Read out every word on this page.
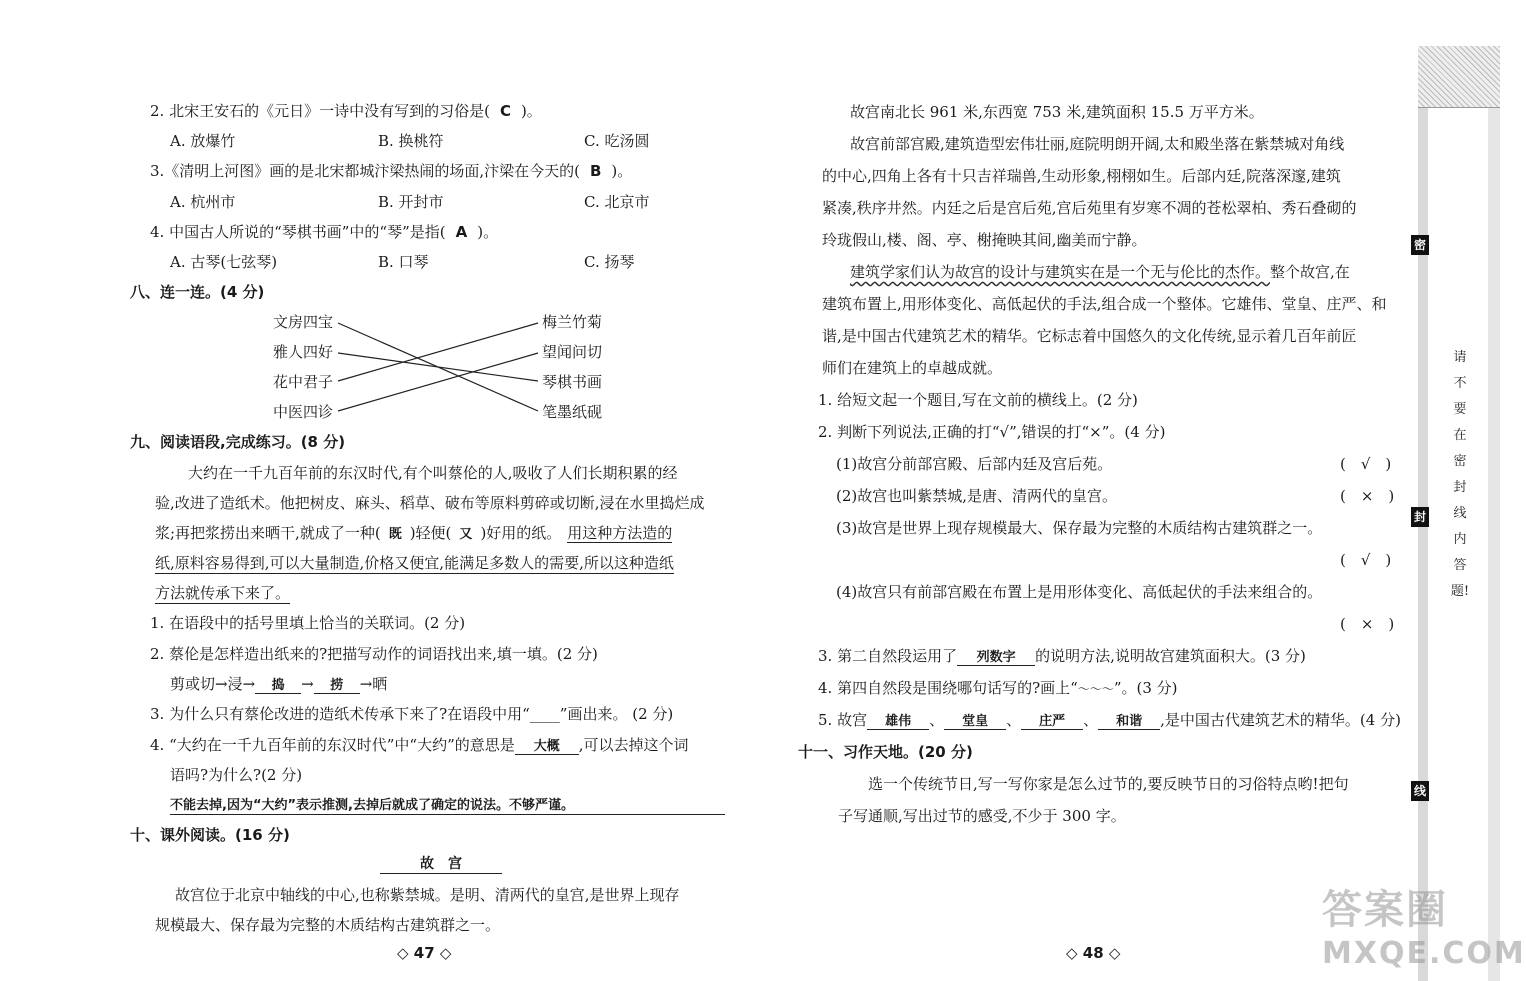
2. 北宋王安石的《元日》一诗中没有写到的习俗是( C )。
A. 放爆竹	B. 换桃符	C. 吃汤圆
3.《清明上河图》画的是北宋都城汴梁热闹的场面,汴梁在今天的( B )。
A. 杭州市	B. 开封市	C. 北京市
4. 中国古人所说的“琴棋书画”中的“琴”是指( A )。
A. 古琴(七弦琴)	B. 口琴	C. 扬琴
八、连一连。(4 分)
文房四宝
雅人四好
花中君子
中医四诊
梅兰竹菊
望闻问切
琴棋书画
笔墨纸砚
九、阅读语段,完成练习。(8 分)
大约在一千九百年前的东汉时代,有个叫蔡伦的人,吸收了人们长期积累的经
验,改进了造纸术。他把树皮、麻头、稻草、破布等原料剪碎或切断,浸在水里捣烂成
浆;再把浆捞出来晒干,就成了一种( 既 )轻便( 又 )好用的纸。 用这种方法造的
纸,原料容易得到,可以大量制造,价格又便宜,能满足多数人的需要,所以这种造纸
方法就传承下来了。
1. 在语段中的括号里填上恰当的关联词。(2 分)
2. 蔡伦是怎样造出纸来的?把描写动作的词语找出来,填一填。(2 分)
剪或切→浸→ 捣 → 捞 →晒
3. 为什么只有蔡伦改进的造纸术传承下来了?在语段中用“____”画出来。 (2 分)
4. “大约在一千九百年前的东汉时代”中“大约”的意思是 大概 ,可以去掉这个词
语吗?为什么?(2 分)
不能去掉,因为“大约”表示推测,去掉后就成了确定的说法。不够严谨。
十、课外阅读。(16 分)
故　宫
故宫位于北京中轴线的中心,也称紫禁城。是明、清两代的皇宫,是世界上现存
规模最大、保存最为完整的木质结构古建筑群之一。
◇ 47 ◇
故宫南北长 961 米,东西宽 753 米,建筑面积 15.5 万平方米。
故宫前部宫殿,建筑造型宏伟壮丽,庭院明朗开阔,太和殿坐落在紫禁城对角线
的中心,四角上各有十只吉祥瑞兽,生动形象,栩栩如生。后部内廷,院落深邃,建筑
紧凑,秩序井然。内廷之后是宫后苑,宫后苑里有岁寒不凋的苍松翠柏、秀石叠砌的
玲珑假山,楼、阁、亭、榭掩映其间,幽美而宁静。
建筑学家们认为故宫的设计与建筑实在是一个无与伦比的杰作。整个故宫,在
建筑布置上,用形体变化、高低起伏的手法,组合成一个整体。它雄伟、堂皇、庄严、和
谐,是中国古代建筑艺术的精华。它标志着中国悠久的文化传统,显示着几百年前匠
师们在建筑上的卓越成就。
1. 给短文起一个题目,写在文前的横线上。(2 分)
2. 判断下列说法,正确的打“√”,错误的打“×”。(4 分)
(1)故宫分前部宫殿、后部内廷及宫后苑。	(　√　)
(2)故宫也叫紫禁城,是唐、清两代的皇宫。	(　×　)
(3)故宫是世界上现存规模最大、保存最为完整的木质结构古建筑群之一。
(　√　)
(4)故宫只有前部宫殿在布置上是用形体变化、高低起伏的手法来组合的。
(　×　)
3. 第二自然段运用了 列数字 的说明方法,说明故宫建筑面积大。(3 分)
4. 第四自然段是围绕哪句话写的?画上“～～～”。(3 分)
5. 故宫 雄伟 、 堂皇 、 庄严 、 和谐 ,是中国古代建筑艺术的精华。(4 分)
十一、习作天地。(20 分)
选一个传统节日,写一写你家是怎么过节的,要反映节日的习俗特点哟!把句
子写通顺,写出过节的感受,不少于 300 字。
◇ 48 ◇
密
封
线
请不要在密封线内答题!
答案圈
MXQE.COM
